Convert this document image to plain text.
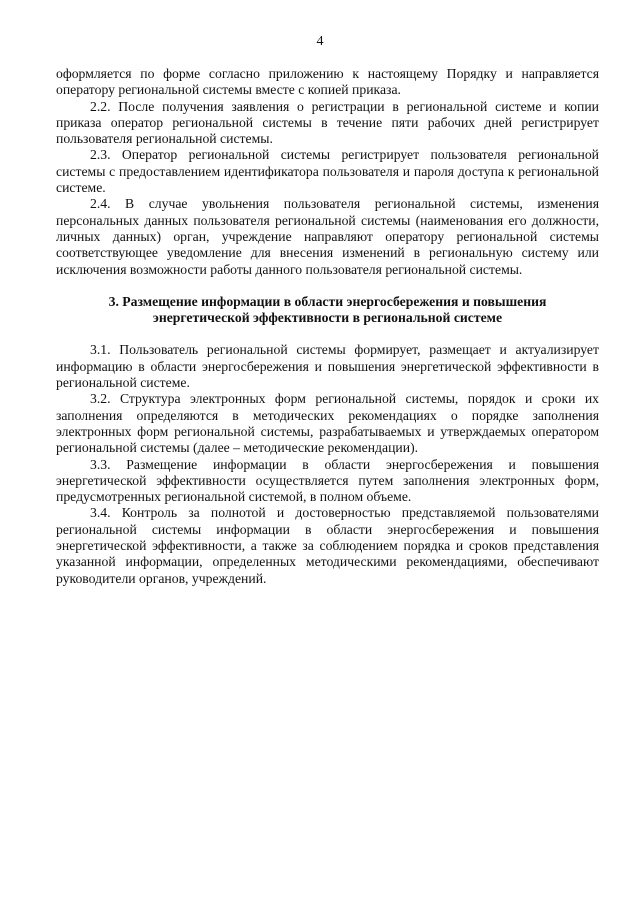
4

оформляется по форме согласно приложению к настоящему Порядку и направляется оператору региональной системы вместе с копией приказа.

2.2. После получения заявления о регистрации в региональной системе и копии приказа оператор региональной системы в течение пяти рабочих дней регистрирует пользователя региональной системы.

2.3. Оператор региональной системы регистрирует пользователя региональной системы с предоставлением идентификатора пользователя и пароля доступа к региональной системе.

2.4. В случае увольнения пользователя региональной системы, изменения персональных данных пользователя региональной системы (наименования его должности, личных данных) орган, учреждение направляют оператору региональной системы соответствующее уведомление для внесения изменений в региональную систему или исключения возможности работы данного пользователя региональной системы.

3. Размещение информации в области энергосбережения и повышения энергетической эффективности в региональной системе

3.1. Пользователь региональной системы формирует, размещает и актуализирует информацию в области энергосбережения и повышения энергетической эффективности в региональной системе.

3.2. Структура электронных форм региональной системы, порядок и сроки их заполнения определяются в методических рекомендациях о порядке заполнения электронных форм региональной системы, разрабатываемых и утверждаемых оператором региональной системы (далее – методические рекомендации).

3.3. Размещение информации в области энергосбережения и повышения энергетической эффективности осуществляется путем заполнения электронных форм, предусмотренных региональной системой, в полном объеме.

3.4. Контроль за полнотой и достоверностью представляемой пользователями региональной системы информации в области энергосбережения и повышения энергетической эффективности, а также за соблюдением порядка и сроков представления указанной информации, определенных методическими рекомендациями, обеспечивают руководители органов, учреждений.
